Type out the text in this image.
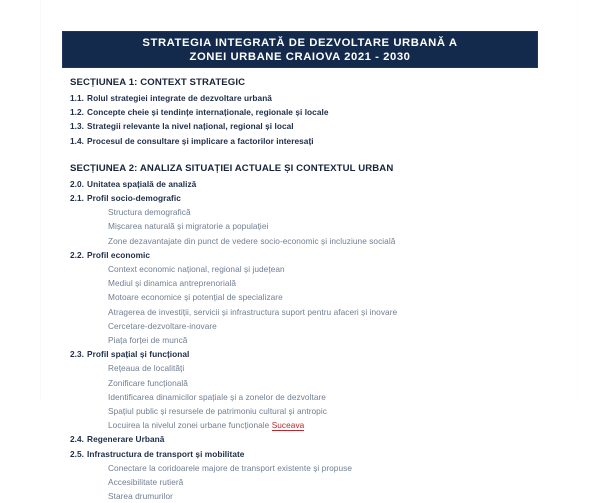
STRATEGIA INTEGRATĂ DE DEZVOLTARE URBANĂ A
ZONEI URBANE CRAIOVA 2021 - 2030
SECȚIUNEA 1: CONTEXT STRATEGIC
1.1. Rolul strategiei integrate de dezvoltare urbană
1.2. Concepte cheie și tendințe internaționale, regionale și locale
1.3. Strategii relevante la nivel național, regional și local
1.4. Procesul de consultare și implicare a factorilor interesați
SECȚIUNEA 2: ANALIZA SITUAȚIEI ACTUALE ȘI CONTEXTUL URBAN
2.0. Unitatea spațială de analiză
2.1. Profil socio-demografic
Structura demografică
Mișcarea naturală și migratorie a populației
Zone dezavantajate din punct de vedere socio-economic și incluziune socială
2.2. Profil economic
Context economic național, regional și județean
Mediul și dinamica antreprenorială
Motoare economice și potențial de specializare
Atragerea de investiții, servicii și infrastructura suport pentru afaceri și inovare
Cercetare-dezvoltare-inovare
Piața forței de muncă
2.3. Profil spațial și funcțional
Rețeaua de localități
Zonificare funcțională
Identificarea dinamicilor spațiale și a zonelor de dezvoltare
Spațiul public și resursele de patrimoniu cultural și antropic
Locuirea la nivelul zonei urbane funcționale Suceava
2.4. Regenerare Urbană
2.5. Infrastructura de transport și mobilitate
Conectare la coridoarele majore de transport existente și propuse
Accesibilitate rutieră
Starea drumurilor
